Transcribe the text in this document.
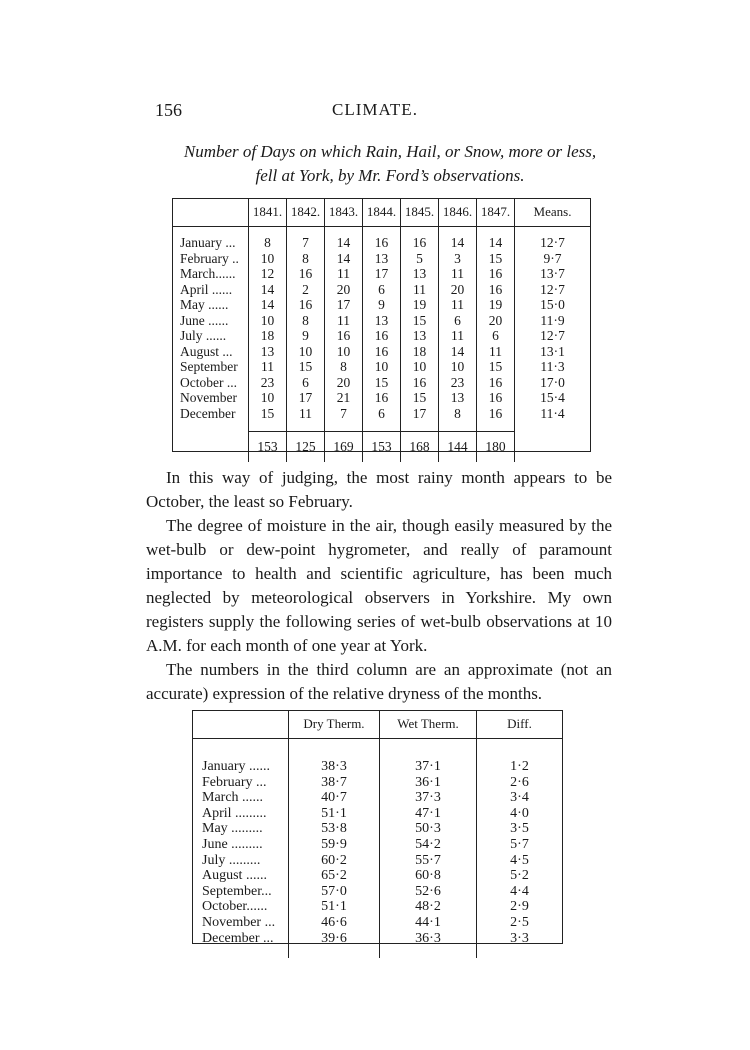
156	CLIMATE.
Number of Days on which Rain, Hail, or Snow, more or less,
fell at York, by Mr. Ford’s observations.
	1841.	1842.	1843.	1844.	1845.	1846.	1847.	Means.
January ...	8	7	14	16	16	14	14	12·7
February ..	10	8	14	13	5	3	15	9·7
March......	12	16	11	17	13	11	16	13·7
April ......	14	2	20	6	11	20	16	12·7
May ......	14	16	17	9	19	11	19	15·0
June ......	10	8	11	13	15	6	20	11·9
July ......	18	9	16	16	13	11	6	12·7
August ...	13	10	10	16	18	14	11	13·1
September	11	15	8	10	10	10	15	11·3
October ...	23	6	20	15	16	23	16	17·0
November	10	17	21	16	15	13	16	15·4
December	15	11	7	6	17	8	16	11·4
	153	125	169	153	168	144	180	

In this way of judging, the most rainy month appears to be October, the least so February.

The degree of moisture in the air, though easily measured by the wet-bulb or dew-point hygrometer, and really of paramount importance to health and scientific agriculture, has been much neglected by meteorological observers in Yorkshire. My own registers supply the following series of wet-bulb observations at 10 A.M. for each month of one year at York.

The numbers in the third column are an approximate (not an accurate) expression of the relative dryness of the months.

	Dry Therm.	Wet Therm.	Diff.
January ......	38·3	37·1	1·2
February ...	38·7	36·1	2·6
March ......	40·7	37·3	3·4
April .........	51·1	47·1	4·0
May .........	53·8	50·3	3·5
June .........	59·9	54·2	5·7
July .........	60·2	55·7	4·5
August ......	65·2	60·8	5·2
September...	57·0	52·6	4·4
October......	51·1	48·2	2·9
November ...	46·6	44·1	2·5
December ...	39·6	36·3	3·3
